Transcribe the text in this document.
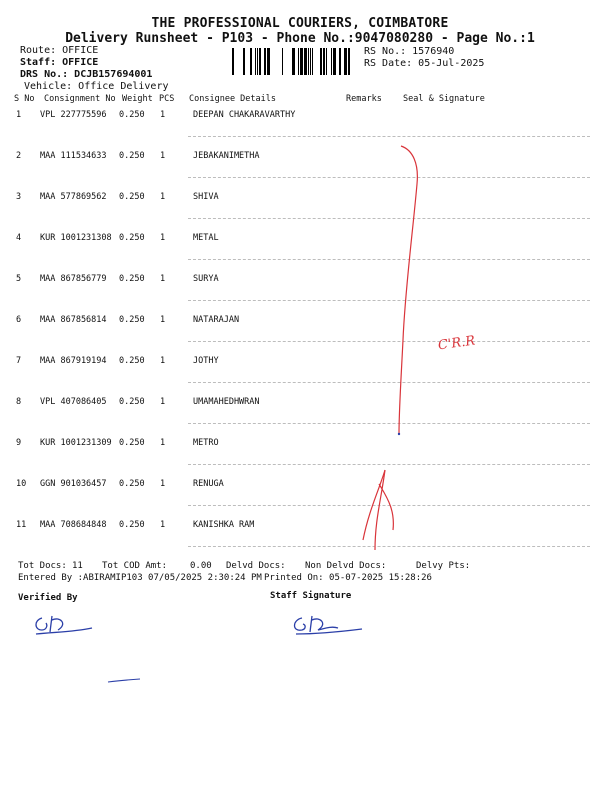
THE PROFESSIONAL COURIERS, COIMBATORE
Delivery Runsheet - P103 - Phone No.:9047080280 - Page No.:1
Route: OFFICE
Staff: OFFICE
DRS No.: DCJB157694001
Vehicle: Office Delivery
RS No.: 1576940
RS Date: 05-Jul-2025
S No Consignment No Weight PCS Consignee Details	Remarks Seal & Signature
1 VPL 227775596 0.250 1	DEEPAN CHAKARAVARTHY
2 MAA 111534633 0.250 1	JEBAKANIMETHA
3 MAA 577869562 0.250 1	SHIVA
4 KUR 1001231308 0.250 1	METAL
5 MAA 867856779 0.250 1	SURYA
6 MAA 867856814 0.250 1	NATARAJAN
7 MAA 867919194 0.250 1	JOTHY
8 VPL 407086405 0.250 1	UMAMAHEDHWRAN
9 KUR 1001231309 0.250 1	METRO
10 GGN 901036457 0.250 1	RENUGA
11 MAA 708684848 0.250 1	KANISHKA RAM
Tot Docs: 11 Tot COD Amt:	0.00 Delvd Docs: Non Delvd Docs:	Delvy Pts:
Entered By :ABIRAMIP103 07/05/2025 2:30:24 PM Printed On: 05-07-2025 15:28:26
Verified By	Staff Signature
C'R.R
